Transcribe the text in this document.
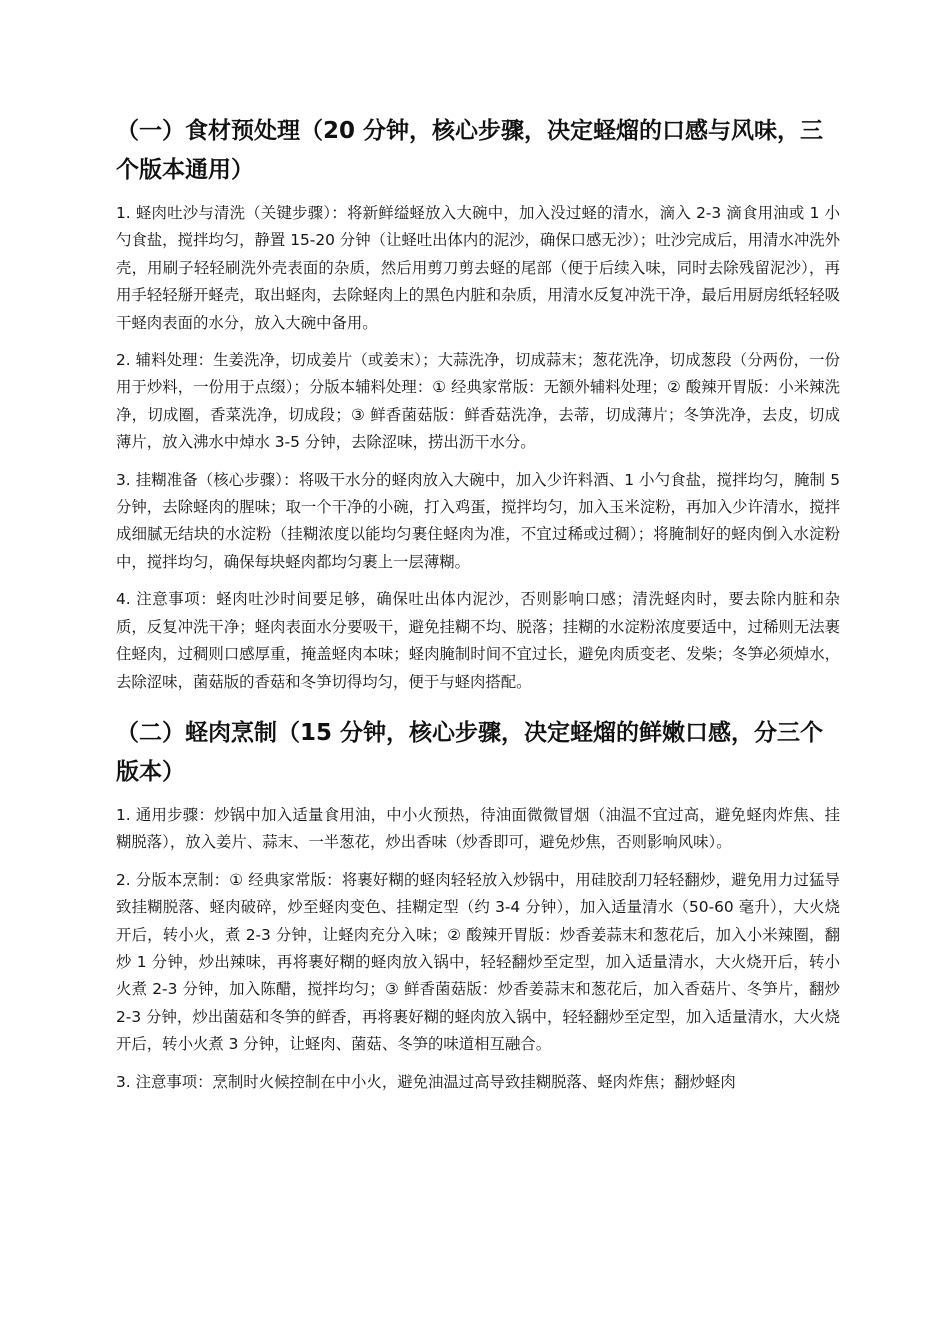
（一）食材预处理（20 分钟，核心步骤，决定蛏熘的口感与风味，三个版本通用）

1. 蛏肉吐沙与清洗（关键步骤）：将新鲜缢蛏放入大碗中，加入没过蛏的清水，滴入 2-3 滴食用油或 1 小勺食盐，搅拌均匀，静置 15-20 分钟（让蛏吐出体内的泥沙，确保口感无沙）；吐沙完成后，用清水冲洗外壳，用刷子轻轻刷洗外壳表面的杂质，然后用剪刀剪去蛏的尾部（便于后续入味，同时去除残留泥沙），再用手轻轻掰开蛏壳，取出蛏肉，去除蛏肉上的黑色内脏和杂质，用清水反复冲洗干净，最后用厨房纸轻轻吸干蛏肉表面的水分，放入大碗中备用。

2. 辅料处理：生姜洗净，切成姜片（或姜末）；大蒜洗净，切成蒜末；葱花洗净，切成葱段（分两份，一份用于炒料，一份用于点缀）；分版本辅料处理：① 经典家常版：无额外辅料处理；② 酸辣开胃版：小米辣洗净，切成圈，香菜洗净，切成段；③ 鲜香菌菇版：鲜香菇洗净，去蒂，切成薄片；冬笋洗净，去皮，切成薄片，放入沸水中焯水 3-5 分钟，去除涩味，捞出沥干水分。

3. 挂糊准备（核心步骤）：将吸干水分的蛏肉放入大碗中，加入少许料酒、1 小勺食盐，搅拌均匀，腌制 5 分钟，去除蛏肉的腥味；取一个干净的小碗，打入鸡蛋，搅拌均匀，加入玉米淀粉，再加入少许清水，搅拌成细腻无结块的水淀粉（挂糊浓度以能均匀裹住蛏肉为准，不宜过稀或过稠）；将腌制好的蛏肉倒入水淀粉中，搅拌均匀，确保每块蛏肉都均匀裹上一层薄糊。

4. 注意事项：蛏肉吐沙时间要足够，确保吐出体内泥沙，否则影响口感；清洗蛏肉时，要去除内脏和杂质，反复冲洗干净；蛏肉表面水分要吸干，避免挂糊不均、脱落；挂糊的水淀粉浓度要适中，过稀则无法裹住蛏肉，过稠则口感厚重，掩盖蛏肉本味；蛏肉腌制时间不宜过长，避免肉质变老、发柴；冬笋必须焯水，去除涩味，菌菇版的香菇和冬笋切得均匀，便于与蛏肉搭配。

（二）蛏肉烹制（15 分钟，核心步骤，决定蛏熘的鲜嫩口感，分三个版本）

1. 通用步骤：炒锅中加入适量食用油，中小火预热，待油面微微冒烟（油温不宜过高，避免蛏肉炸焦、挂糊脱落），放入姜片、蒜末、一半葱花，炒出香味（炒香即可，避免炒焦，否则影响风味）。

2. 分版本烹制：① 经典家常版：将裹好糊的蛏肉轻轻放入炒锅中，用硅胶刮刀轻轻翻炒，避免用力过猛导致挂糊脱落、蛏肉破碎，炒至蛏肉变色、挂糊定型（约 3-4 分钟），加入适量清水（50-60 毫升），大火烧开后，转小火，煮 2-3 分钟，让蛏肉充分入味；② 酸辣开胃版：炒香姜蒜末和葱花后，加入小米辣圈，翻炒 1 分钟，炒出辣味，再将裹好糊的蛏肉放入锅中，轻轻翻炒至定型，加入适量清水，大火烧开后，转小火煮 2-3 分钟，加入陈醋，搅拌均匀；③ 鲜香菌菇版：炒香姜蒜末和葱花后，加入香菇片、冬笋片，翻炒 2-3 分钟，炒出菌菇和冬笋的鲜香，再将裹好糊的蛏肉放入锅中，轻轻翻炒至定型，加入适量清水，大火烧开后，转小火煮 3 分钟，让蛏肉、菌菇、冬笋的味道相互融合。

3. 注意事项：烹制时火候控制在中小火，避免油温过高导致挂糊脱落、蛏肉炸焦；翻炒蛏肉
